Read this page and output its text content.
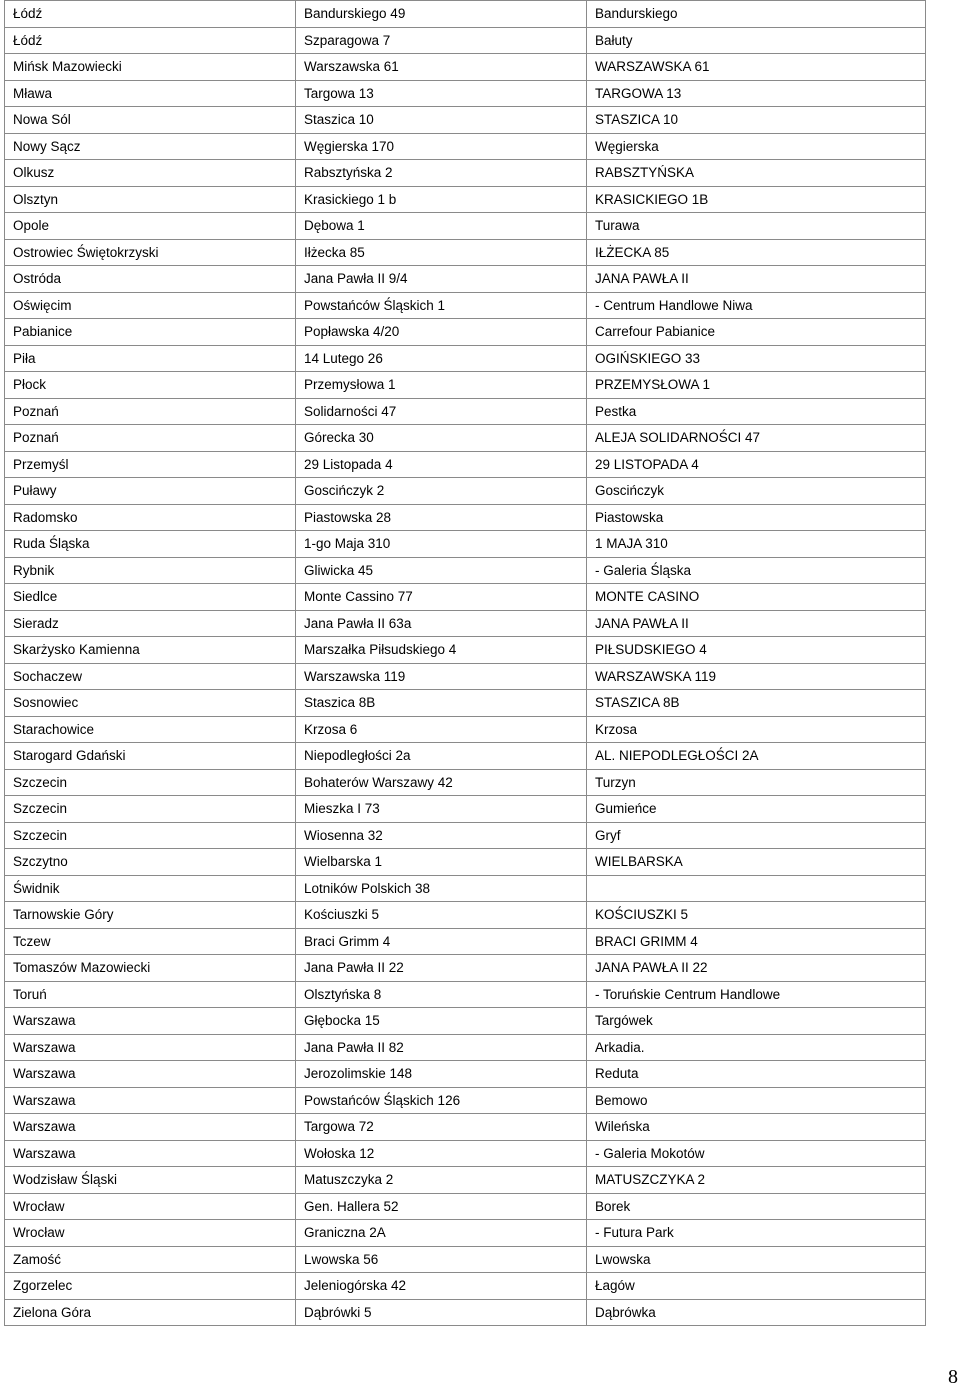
Łódź	Bandurskiego 49	Bandurskiego
Łódź	Szparagowa 7	Bałuty
Mińsk Mazowiecki	Warszawska 61	WARSZAWSKA 61
Mława	Targowa 13	TARGOWA 13
Nowa Sól	Staszica 10	STASZICA 10
Nowy Sącz	Węgierska 170	Węgierska
Olkusz	Rabsztyńska 2	RABSZTYŃSKA
Olsztyn	Krasickiego 1 b	KRASICKIEGO 1B
Opole	Dębowa 1	Turawa
Ostrowiec Świętokrzyski	Iłżecka 85	IŁŻECKA 85
Ostróda	Jana Pawła II 9/4	JANA PAWŁA II
Oświęcim	Powstańców Śląskich 1	- Centrum Handlowe Niwa
Pabianice	Popławska 4/20	Carrefour Pabianice
Piła	14 Lutego 26	OGIŃSKIEGO 33
Płock	Przemysłowa 1	PRZEMYSŁOWA 1
Poznań	Solidarności 47	Pestka
Poznań	Górecka 30	ALEJA SOLIDARNOŚCI 47
Przemyśl	29 Listopada 4	29 LISTOPADA 4
Puławy	Goscińczyk 2	Goscińczyk
Radomsko	Piastowska 28	Piastowska
Ruda Śląska	1-go Maja 310	1 MAJA 310
Rybnik	Gliwicka 45	- Galeria Śląska
Siedlce	Monte Cassino 77	MONTE CASINO
Sieradz	Jana Pawła II 63a	JANA PAWŁA II
Skarżysko Kamienna	Marszałka Piłsudskiego 4	PIŁSUDSKIEGO 4
Sochaczew	Warszawska 119	WARSZAWSKA 119
Sosnowiec	Staszica 8B	STASZICA 8B
Starachowice	Krzosa 6	Krzosa
Starogard Gdański	Niepodległości 2a	AL. NIEPODLEGŁOŚCI 2A
Szczecin	Bohaterów Warszawy 42	Turzyn
Szczecin	Mieszka I 73	Gumieńce
Szczecin	Wiosenna 32	Gryf
Szczytno	Wielbarska 1	WIELBARSKA
Świdnik	Lotników Polskich 38	
Tarnowskie Góry	Kościuszki 5	KOŚCIUSZKI 5
Tczew	Braci Grimm 4	BRACI GRIMM 4
Tomaszów Mazowiecki	Jana Pawła II 22	JANA PAWŁA II 22
Toruń	Olsztyńska 8	- Toruńskie Centrum Handlowe
Warszawa	Głębocka 15	Targówek
Warszawa	Jana Pawła II 82	Arkadia.
Warszawa	Jerozolimskie 148	Reduta
Warszawa	Powstańców Śląskich 126	Bemowo
Warszawa	Targowa 72	Wileńska
Warszawa	Wołoska 12	- Galeria Mokotów
Wodzisław Śląski	Matuszczyka 2	MATUSZCZYKA 2
Wrocław	Gen. Hallera 52	Borek
Wrocław	Graniczna 2A	- Futura Park
Zamość	Lwowska 56	Lwowska
Zgorzelec	Jeleniogórska 42	Łagów
Zielona Góra	Dąbrówki 5	Dąbrówka
8
